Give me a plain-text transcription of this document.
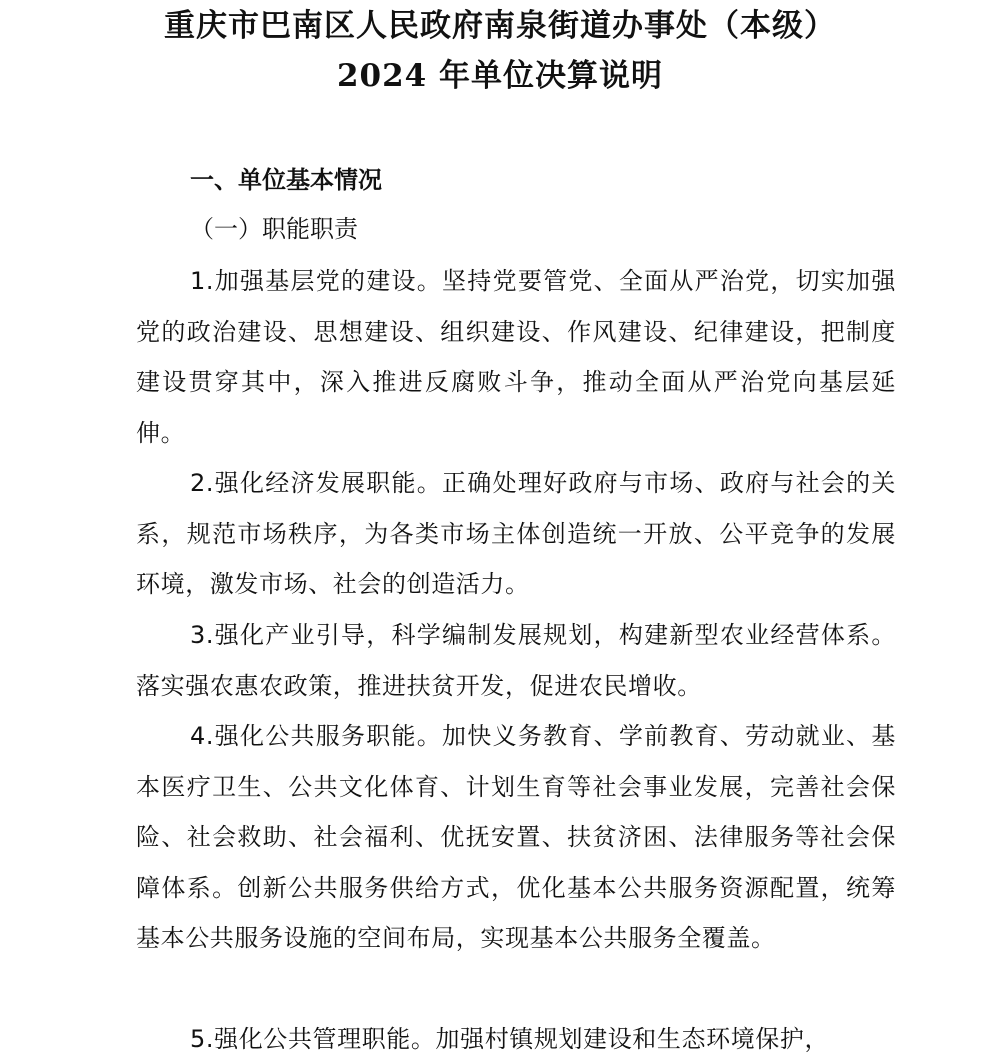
重庆市巴南区人民政府南泉街道办事处（本级）
2024 年单位决算说明
一、单位基本情况
（一）职能职责

1.加强基层党的建设。坚持党要管党、全面从严治党，切实加强党的政治建设、思想建设、组织建设、作风建设、纪律建设，把制度建设贯穿其中，深入推进反腐败斗争，推动全面从严治党向基层延伸。

2.强化经济发展职能。正确处理好政府与市场、政府与社会的关系，规范市场秩序，为各类市场主体创造统一开放、公平竞争的发展环境，激发市场、社会的创造活力。

3.强化产业引导，科学编制发展规划，构建新型农业经营体系。落实强农惠农政策，推进扶贫开发，促进农民增收。

4.强化公共服务职能。加快义务教育、学前教育、劳动就业、基本医疗卫生、公共文化体育、计划生育等社会事业发展，完善社会保险、社会救助、社会福利、优抚安置、扶贫济困、法律服务等社会保障体系。创新公共服务供给方式，优化基本公共服务资源配置，统筹基本公共服务设施的空间布局，实现基本公共服务全覆盖。

5.强化公共管理职能。加强村镇规划建设和生态环境保护，
